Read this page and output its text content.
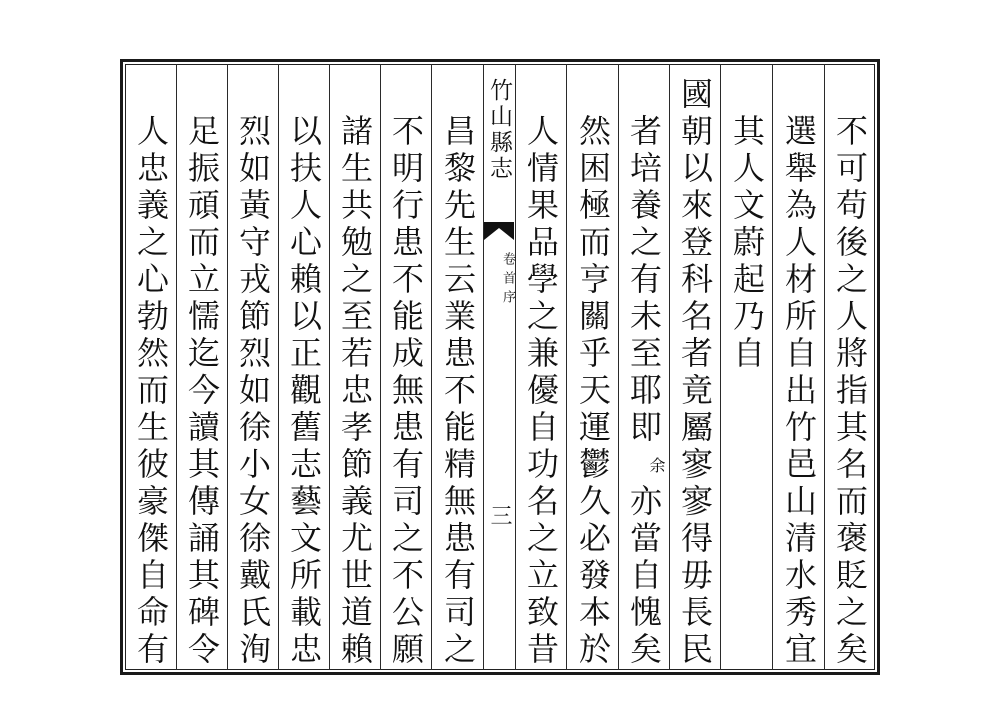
不可苟後之人將指其名而褒貶之矣
選舉為人材所自出竹邑山清水秀宜
其人文蔚起乃自
國朝以來登科名者竟屬寥寥得毋長民
者培養之有未至耶即余亦當自愧矣
然困極而亨關乎天運鬱久必發本於
人情果品學之兼優自功名之立致昔
竹山縣志
卷首序
三
昌黎先生云業患不能精無患有司之
不明行患不能成無患有司之不公願
諸生共勉之至若忠孝節義尤世道賴
以扶人心賴以正觀舊志藝文所載忠
烈如黃守戎節烈如徐小女徐戴氏洵
足振頑而立懦迄今讀其傳誦其碑令
人忠義之心勃然而生彼豪傑自命有
